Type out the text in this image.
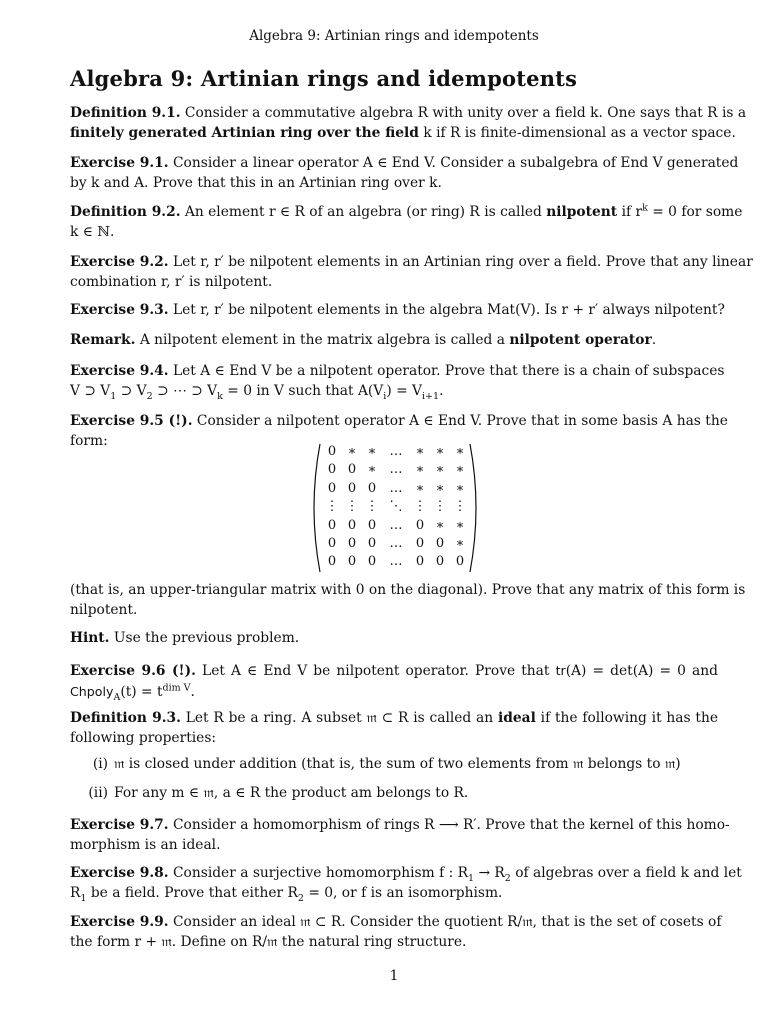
Algebra 9: Artinian rings and idempotents
Algebra 9: Artinian rings and idempotents
Definition 9.1. Consider a commutative algebra R with unity over a field k. One says that R is a
finitely generated Artinian ring over the field k if R is finite-dimensional as a vector space.
Exercise 9.1. Consider a linear operator A ∈ End V. Consider a subalgebra of End V generated
by k and A. Prove that this in an Artinian ring over k.
Definition 9.2. An element r ∈ R of an algebra (or ring) R is called nilpotent if $r^k = 0$ for some
k ∈ ℕ.
Exercise 9.2. Let r, r′ be nilpotent elements in an Artinian ring over a field. Prove that any linear
combination r, r′ is nilpotent.
Exercise 9.3. Let r, r′ be nilpotent elements in the algebra Mat(V). Is r + r′ always nilpotent?
Remark. A nilpotent element in the matrix algebra is called a nilpotent operator.
Exercise 9.4. Let A ∈ End V be a nilpotent operator. Prove that there is a chain of subspaces
V ⊃ $V_1$ ⊃ $V_2$ ⊃ ⋯ ⊃ $V_k = 0$ in V such that $A(V_i) = V_{i+1}$.
Exercise 9.5 (!). Consider a nilpotent operator A ∈ End V. Prove that in some basis A has the
form:
0 ∗ ∗	…	∗ ∗ ∗
0 0 ∗	…	∗ ∗ ∗
0 0 0	…	∗ ∗ ∗
⋮ ⋮ ⋮ ⋱ ⋮ ⋮ ⋮
0 0 0	…	0 ∗ ∗
0 0 0	…	0 0 ∗
0 0 0	…	0 0 0
(that is, an upper-triangular matrix with 0 on the diagonal). Prove that any matrix of this form is
nilpotent.
Hint. Use the previous problem.
Exercise 9.6 (!). Let A ∈ End V be nilpotent operator. Prove that tr(A) = det(A) = 0 and
Chpoly$_A$(t) = $t^{dim V}$.
Definition 9.3. Let R be a ring. A subset 𝔪 ⊂ R is called an ideal if the following it has the
following properties:
(i) 𝔪 is closed under addition (that is, the sum of two elements from 𝔪 belongs to 𝔪)
(ii) For any m ∈ 𝔪, a ∈ R the product am belongs to R.
Exercise 9.7. Consider a homomorphism of rings R ⟶ R′. Prove that the kernel of this homo-
morphism is an ideal.
Exercise 9.8. Consider a surjective homomorphism f : $R_1 \to R_2$ of algebras over a field k and let
$R_1$ be a field. Prove that either $R_2 = 0$, or f is an isomorphism.
Exercise 9.9. Consider an ideal 𝔪 ⊂ R. Consider the quotient R/𝔪, that is the set of cosets of
the form r + 𝔪. Define on R/𝔪 the natural ring structure.
1
